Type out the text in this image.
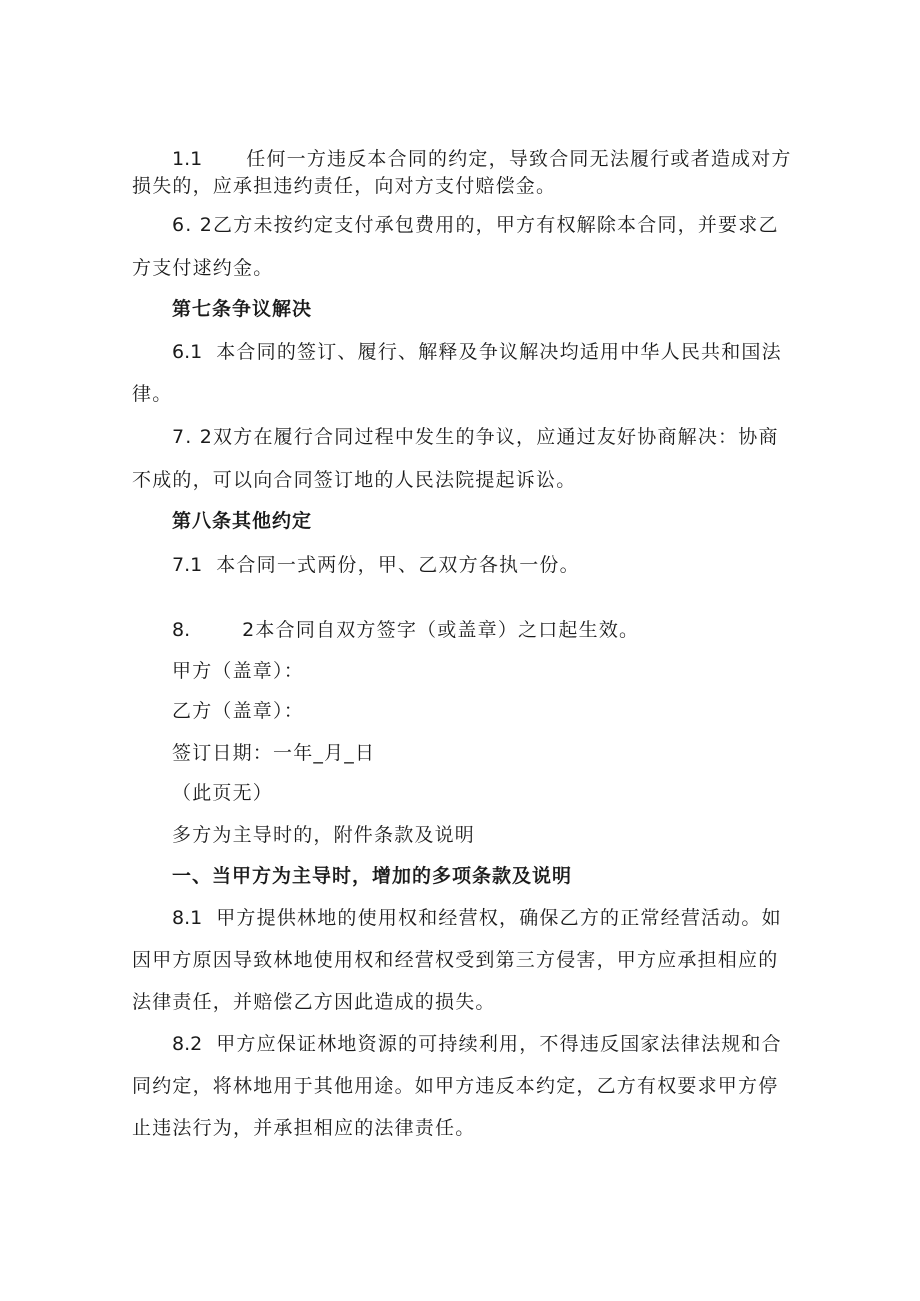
1.1 任何一方违反本合同的约定，导致合同无法履行或者造成对方
损失的，应承担违约责任，向对方支付赔偿金。
6. 2乙方未按约定支付承包费用的，甲方有权解除本合同，并要求乙
方支付逑约金。
第七条争议解决
6.1 本合同的签订、履行、解释及争议解决均适用中华人民共和国法
律。
7. 2双方在履行合同过程中发生的争议，应通过友好协商解决：协商
不成的，可以向合同签订地的人民法院提起诉讼。
第八条其他约定
7.1 本合同一式两份，甲、乙双方各执一份。
8.	2本合同自双方签字（或盖章）之口起生效。
甲方（盖章）：
乙方（盖章）：
签订日期：一年_月_日
（此页无）
多方为主导时的，附件条款及说明
一、当甲方为主导时，增加的多项条款及说明
8.1 甲方提供林地的使用权和经营权，确保乙方的正常经营活动。如
因甲方原因导致林地使用权和经营权受到第三方侵害，甲方应承担相应的
法律责任，并赔偿乙方因此造成的损失。
8.2 甲方应保证林地资源的可持续利用，不得违反国家法律法规和合
同约定，将林地用于其他用途。如甲方违反本约定，乙方有权要求甲方停
止违法行为，并承担相应的法律责任。
